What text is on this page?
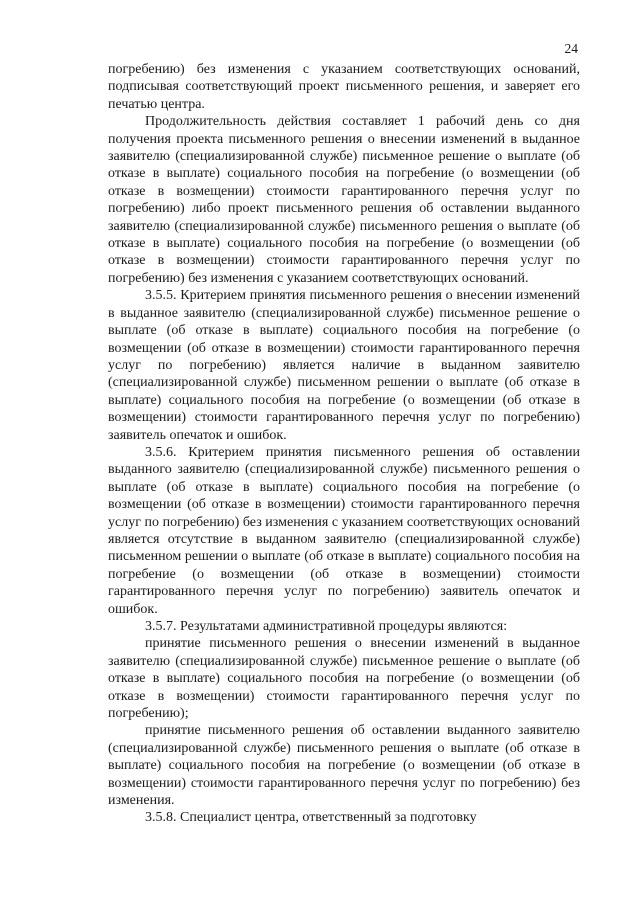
24

погребению) без изменения с указанием соответствующих оснований, подписывая соответствующий проект письменного решения, и заверяет его печатью центра.

Продолжительность действия составляет 1 рабочий день со дня получения проекта письменного решения о внесении изменений в выданное заявителю (специализированной службе) письменное решение о выплате (об отказе в выплате) социального пособия на погребение (о возмещении (об отказе в возмещении) стоимости гарантированного перечня услуг по погребению) либо проект письменного решения об оставлении выданного заявителю (специализированной службе) письменного решения о выплате (об отказе в выплате) социального пособия на погребение (о возмещении (об отказе в возмещении) стоимости гарантированного перечня услуг по погребению) без изменения с указанием соответствующих оснований.

3.5.5. Критерием принятия письменного решения о внесении изменений в выданное заявителю (специализированной службе) письменное решение о выплате (об отказе в выплате) социального пособия на погребение (о возмещении (об отказе в возмещении) стоимости гарантированного перечня услуг по погребению) является наличие в выданном заявителю (специализированной службе) письменном решении о выплате (об отказе в выплате) социального пособия на погребение (о возмещении (об отказе в возмещении) стоимости гарантированного перечня услуг по погребению) заявитель опечаток и ошибок.

3.5.6. Критерием принятия письменного решения об оставлении выданного заявителю (специализированной службе) письменного решения о выплате (об отказе в выплате) социального пособия на погребение (о возмещении (об отказе в возмещении) стоимости гарантированного перечня услуг по погребению) без изменения с указанием соответствующих оснований является отсутствие в выданном заявителю (специализированной службе) письменном решении о выплате (об отказе в выплате) социального пособия на погребение (о возмещении (об отказе в возмещении) стоимости гарантированного перечня услуг по погребению) заявитель опечаток и ошибок.

3.5.7. Результатами административной процедуры являются:

принятие письменного решения о внесении изменений в выданное заявителю (специализированной службе) письменное решение о выплате (об отказе в выплате) социального пособия на погребение (о возмещении (об отказе в возмещении) стоимости гарантированного перечня услуг по погребению);

принятие письменного решения об оставлении выданного заявителю (специализированной службе) письменного решения о выплате (об отказе в выплате) социального пособия на погребение (о возмещении (об отказе в возмещении) стоимости гарантированного перечня услуг по погребению) без изменения.

3.5.8. Специалист центра, ответственный за подготовку
